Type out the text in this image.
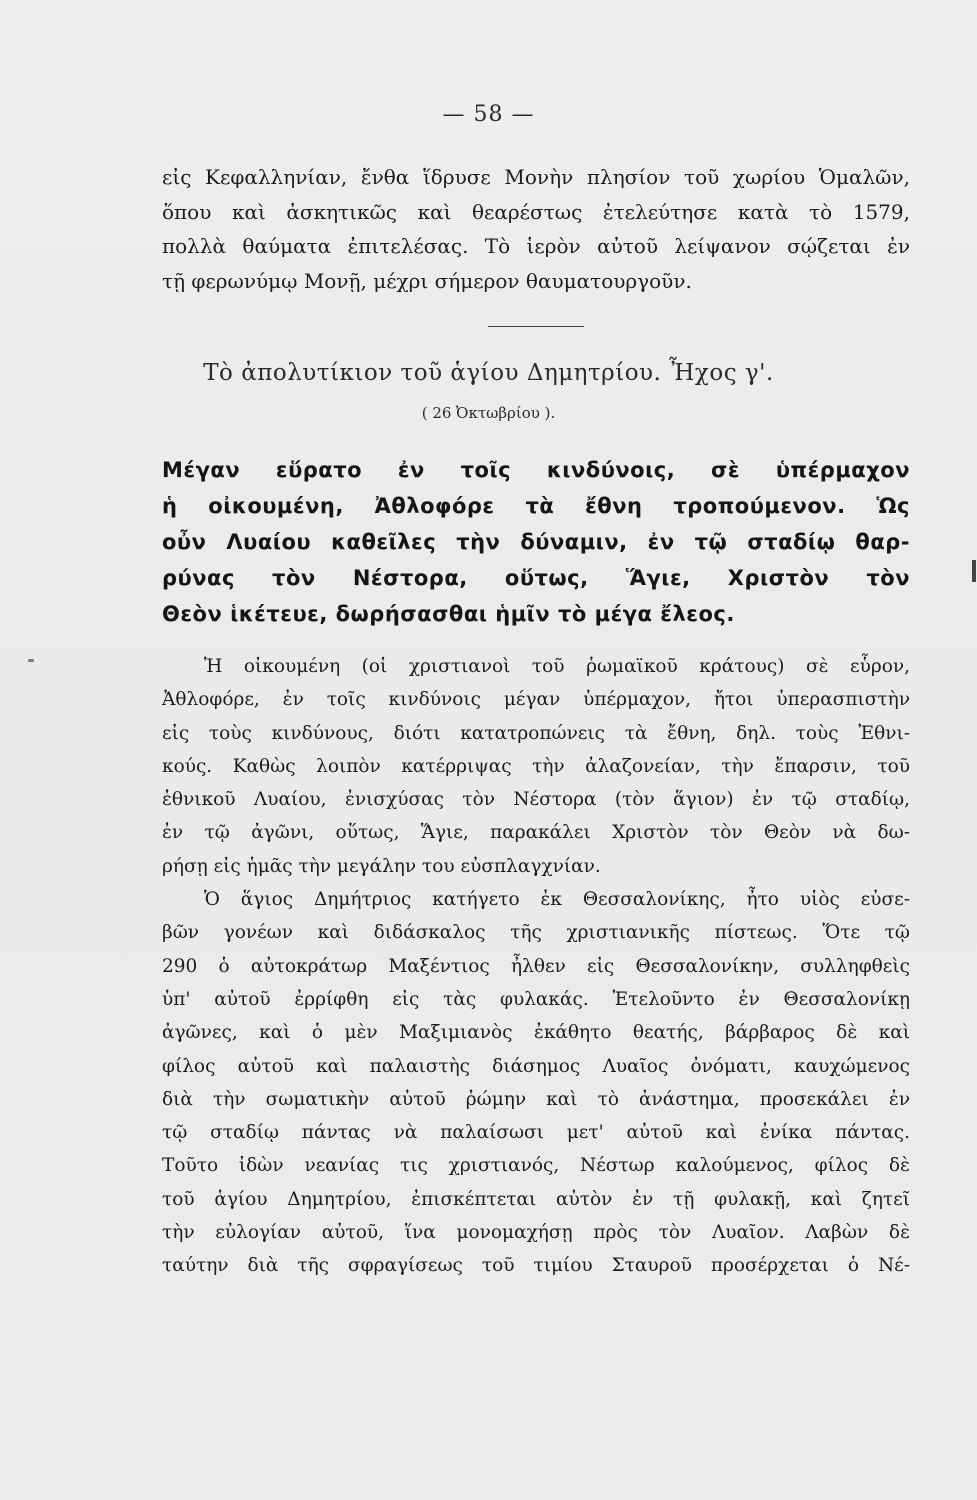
— 58 —
εἰς Κεφαλληνίαν, ἔνθα ἵδρυσε Μονὴν πλησίον τοῦ χωρίου Ὁμαλῶν,
ὅπου καὶ ἀσκητικῶς καὶ θεαρέστως ἐτελεύτησε κατὰ τὸ 1579,
πολλὰ θαύματα ἐπιτελέσας. Τὸ ἱερὸν αὐτοῦ λείψανον σῴζεται ἐν
τῇ φερωνύμῳ Μονῇ, μέχρι σήμερον θαυματουργοῦν.
Τὸ ἀπολυτίκιον τοῦ ἁγίου Δημητρίου. Ἦχος γ'.
( 26 Ὀκτωβρίου ).
Μέγαν εὕρατο ἐν τοῖς κινδύνοις, σὲ ὑπέρμαχον
ἡ οἰκουμένη, Ἀθλοφόρε τὰ ἔθνη τροπούμενον. Ὡς
οὖν Λυαίου καθεῖλες τὴν δύναμιν, ἐν τῷ σταδίῳ θαρ-
ρύνας τὸν Νέστορα, οὕτως, Ἅγιε, Χριστὸν τὸν
Θεὸν ἱκέτευε, δωρήσασθαι ἡμῖν τὸ μέγα ἔλεος.
Ἡ οἰκουμένη (οἱ χριστιανοὶ τοῦ ῥωμαϊκοῦ κράτους) σὲ εὗρον,
Ἀθλοφόρε, ἐν τοῖς κινδύνοις μέγαν ὑπέρμαχον, ἤτοι ὑπερασπιστὴν
εἰς τοὺς κινδύνους, διότι κατατροπώνεις τὰ ἔθνη, δηλ. τοὺς Ἐθνι-
κούς. Καθὼς λοιπὸν κατέρριψας τὴν ἀλαζονείαν, τὴν ἔπαρσιν, τοῦ
ἐθνικοῦ Λυαίου, ἐνισχύσας τὸν Νέστορα (τὸν ἅγιον) ἐν τῷ σταδίῳ,
ἐν τῷ ἀγῶνι, οὕτως, Ἅγιε, παρακάλει Χριστὸν τὸν Θεὸν νὰ δω-
ρήσῃ εἰς ἡμᾶς τὴν μεγάλην του εὐσπλαγχνίαν.
Ὁ ἅγιος Δημήτριος κατήγετο ἐκ Θεσσαλονίκης, ἦτο υἱὸς εὐσε-
βῶν γονέων καὶ διδάσκαλος τῆς χριστιανικῆς πίστεως. Ὅτε τῷ
290 ὁ αὐτοκράτωρ Μαξέντιος ἦλθεν εἰς Θεσσαλονίκην, συλληφθεὶς
ὑπ' αὐτοῦ ἐρρίφθη εἰς τὰς φυλακάς. Ἐτελοῦντο ἐν Θεσσαλονίκῃ
ἀγῶνες, καὶ ὁ μὲν Μαξιμιανὸς ἐκάθητο θεατής, βάρβαρος δὲ καὶ
φίλος αὐτοῦ καὶ παλαιστὴς διάσημος Λυαῖος ὀνόματι, καυχώμενος
διὰ τὴν σωματικὴν αὐτοῦ ῥώμην καὶ τὸ ἀνάστημα, προσεκάλει ἐν
τῷ σταδίῳ πάντας νὰ παλαίσωσι μετ' αὐτοῦ καὶ ἐνίκα πάντας.
Τοῦτο ἰδὼν νεανίας τις χριστιανός, Νέστωρ καλούμενος, φίλος δὲ
τοῦ ἁγίου Δημητρίου, ἐπισκέπτεται αὐτὸν ἐν τῇ φυλακῇ, καὶ ζητεῖ
τὴν εὐλογίαν αὐτοῦ, ἵνα μονομαχήσῃ πρὸς τὸν Λυαῖον. Λαβὼν δὲ
ταύτην διὰ τῆς σφραγίσεως τοῦ τιμίου Σταυροῦ προσέρχεται ὁ Νέ-
